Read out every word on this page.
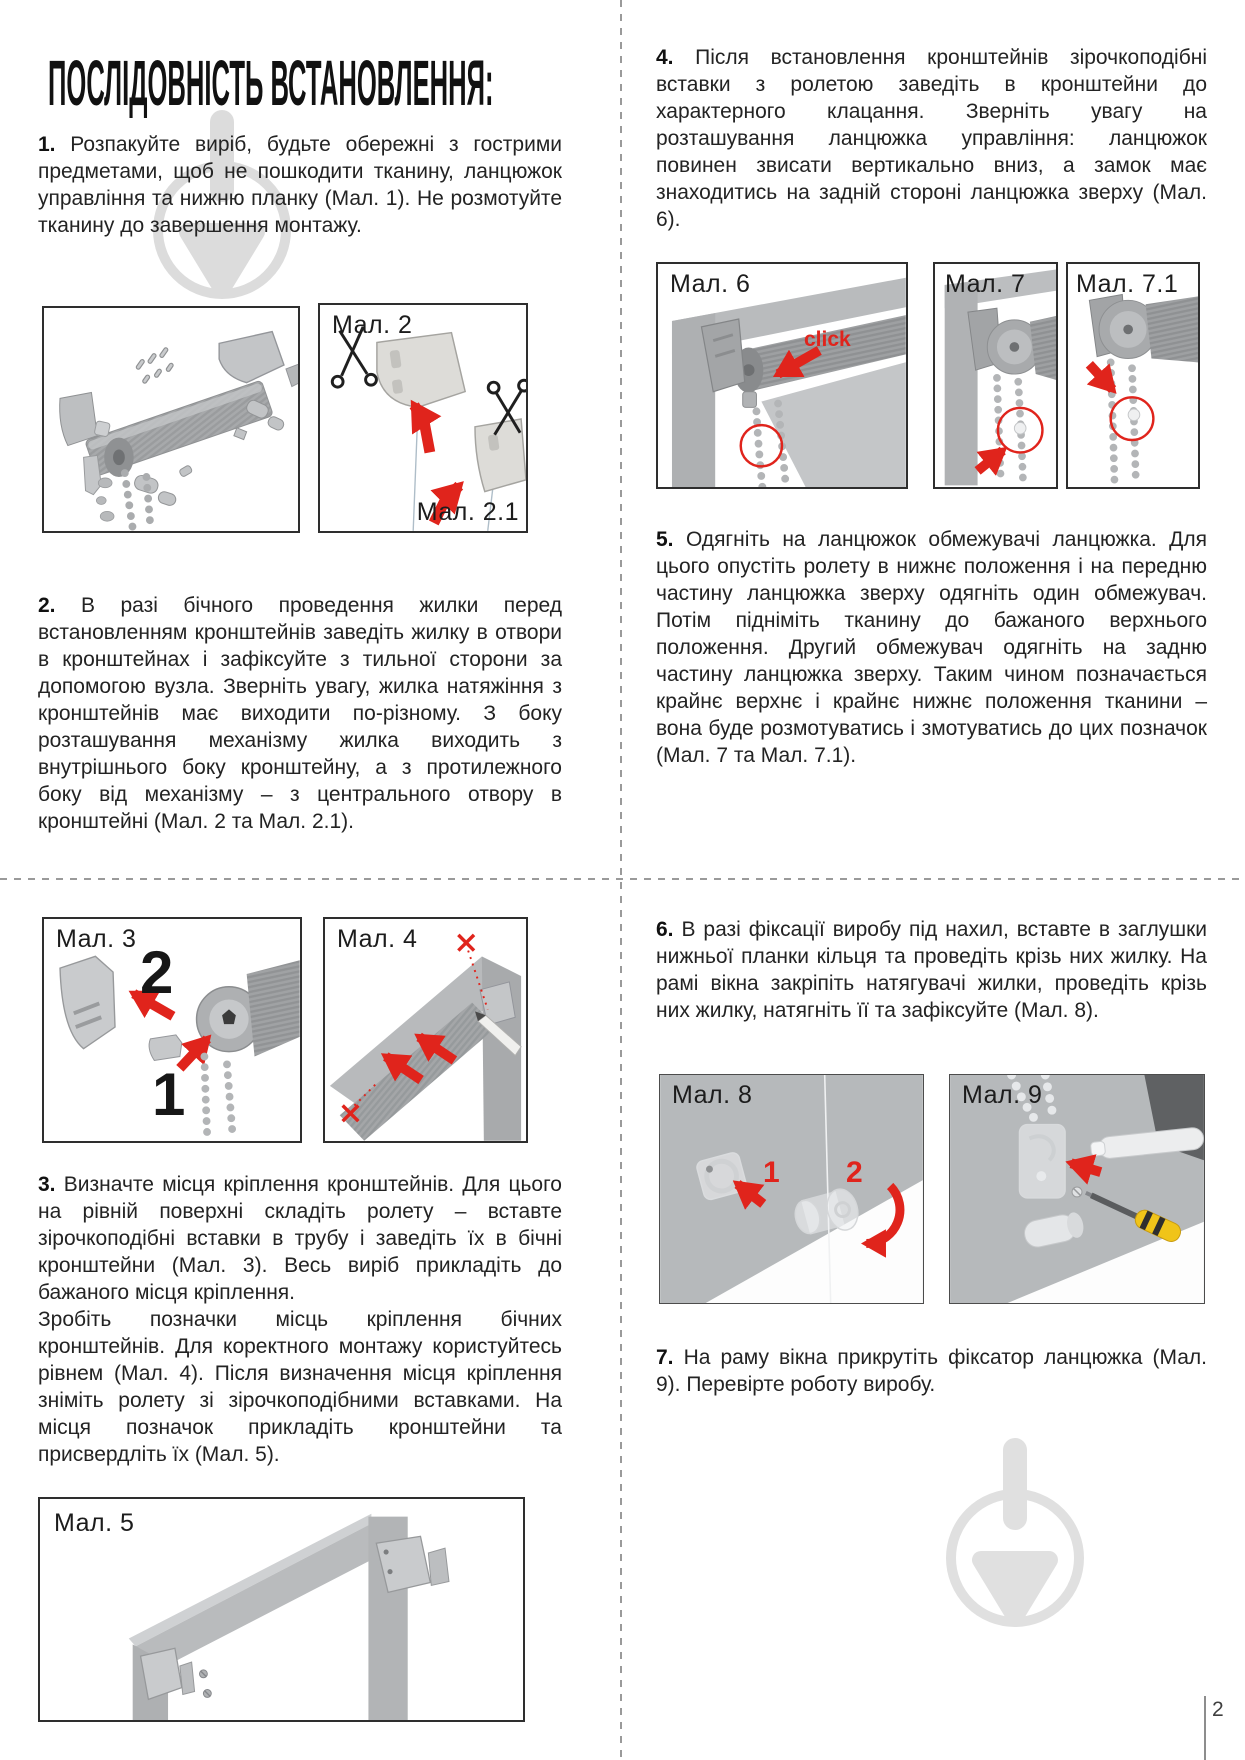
ПОСЛІДОВНІСТЬ ВСТАНОВЛЕННЯ:

1. Розпакуйте виріб, будьте обережні з гострими предметами, щоб не пошкодити тканину, ланцюжок управління та нижню планку (Мал. 1). Не розмотуйте тканину до завершення монтажу.

Мал. 2
Мал. 2.1

2. В разі бічного проведення жилки перед встановленням кронштейнів заведіть жилку в отвори в кронштейнах і зафіксуйте з тильної сторони за допомогою вузла. Зверніть увагу, жилка натяжіння з кронштейнів має виходити по-різному. З боку розташування механізму жилка виходить з внутрішнього боку кронштейну, а з протилежного боку від механізму – з центрального отвору в кронштейні (Мал. 2 та Мал. 2.1).

4. Після встановлення кронштейнів зірочкоподібні вставки з ролетою заведіть в кронштейни до характерного клацання. Зверніть увагу на розташування ланцюжка управління: ланцюжок повинен звисати вертикально вниз, а замок має знаходитись на задній стороні ланцюжка зверху (Мал. 6).

Мал. 6
click
Мал. 7 Мал. 7.1

5. Одягніть на ланцюжок обмежувачі ланцюжка. Для цього опустіть ролету в нижнє положення і на передню частину ланцюжка зверху одягніть один обмежувач. Потім підніміть тканину до бажаного верхнього положення. Другий обмежувач одягніть на задню частину ланцюжка зверху. Таким чином позначається крайнє верхнє і крайнє нижнє положення тканини – вона буде розмотуватись і змотуватись до цих позначок (Мал. 7 та Мал. 7.1).

Мал. 3 2
1
Мал. 4

3. Визначте місця кріплення кронштейнів. Для цього на рівній поверхні складіть ролету – вставте зірочкоподібні вставки в трубу і заведіть їх в бічні кронштейни (Мал. 3). Весь виріб прикладіть до бажаного місця кріплення.

Зробіть позначки місць кріплення бічних кронштейнів. Для коректного монтажу користуйтесь рівнем (Мал. 4). Після визначення місця кріплення зніміть ролету зі зірочкоподібними вставками. На місця позначок прикладіть кронштейни та присвердліть їх (Мал. 5).

Мал. 5

6. В разі фіксації виробу під нахил, вставте в заглушки нижньої планки кільця та проведіть крізь них жилку. На рамі вікна закріпіть натягувачі жилки, проведіть крізь них жилку, натягніть її та зафіксуйте (Мал. 8).

Мал. 8
1 2
Мал. 9

7. На раму вікна прикрутіть фіксатор ланцюжка (Мал. 9). Перевірте роботу виробу.

2
